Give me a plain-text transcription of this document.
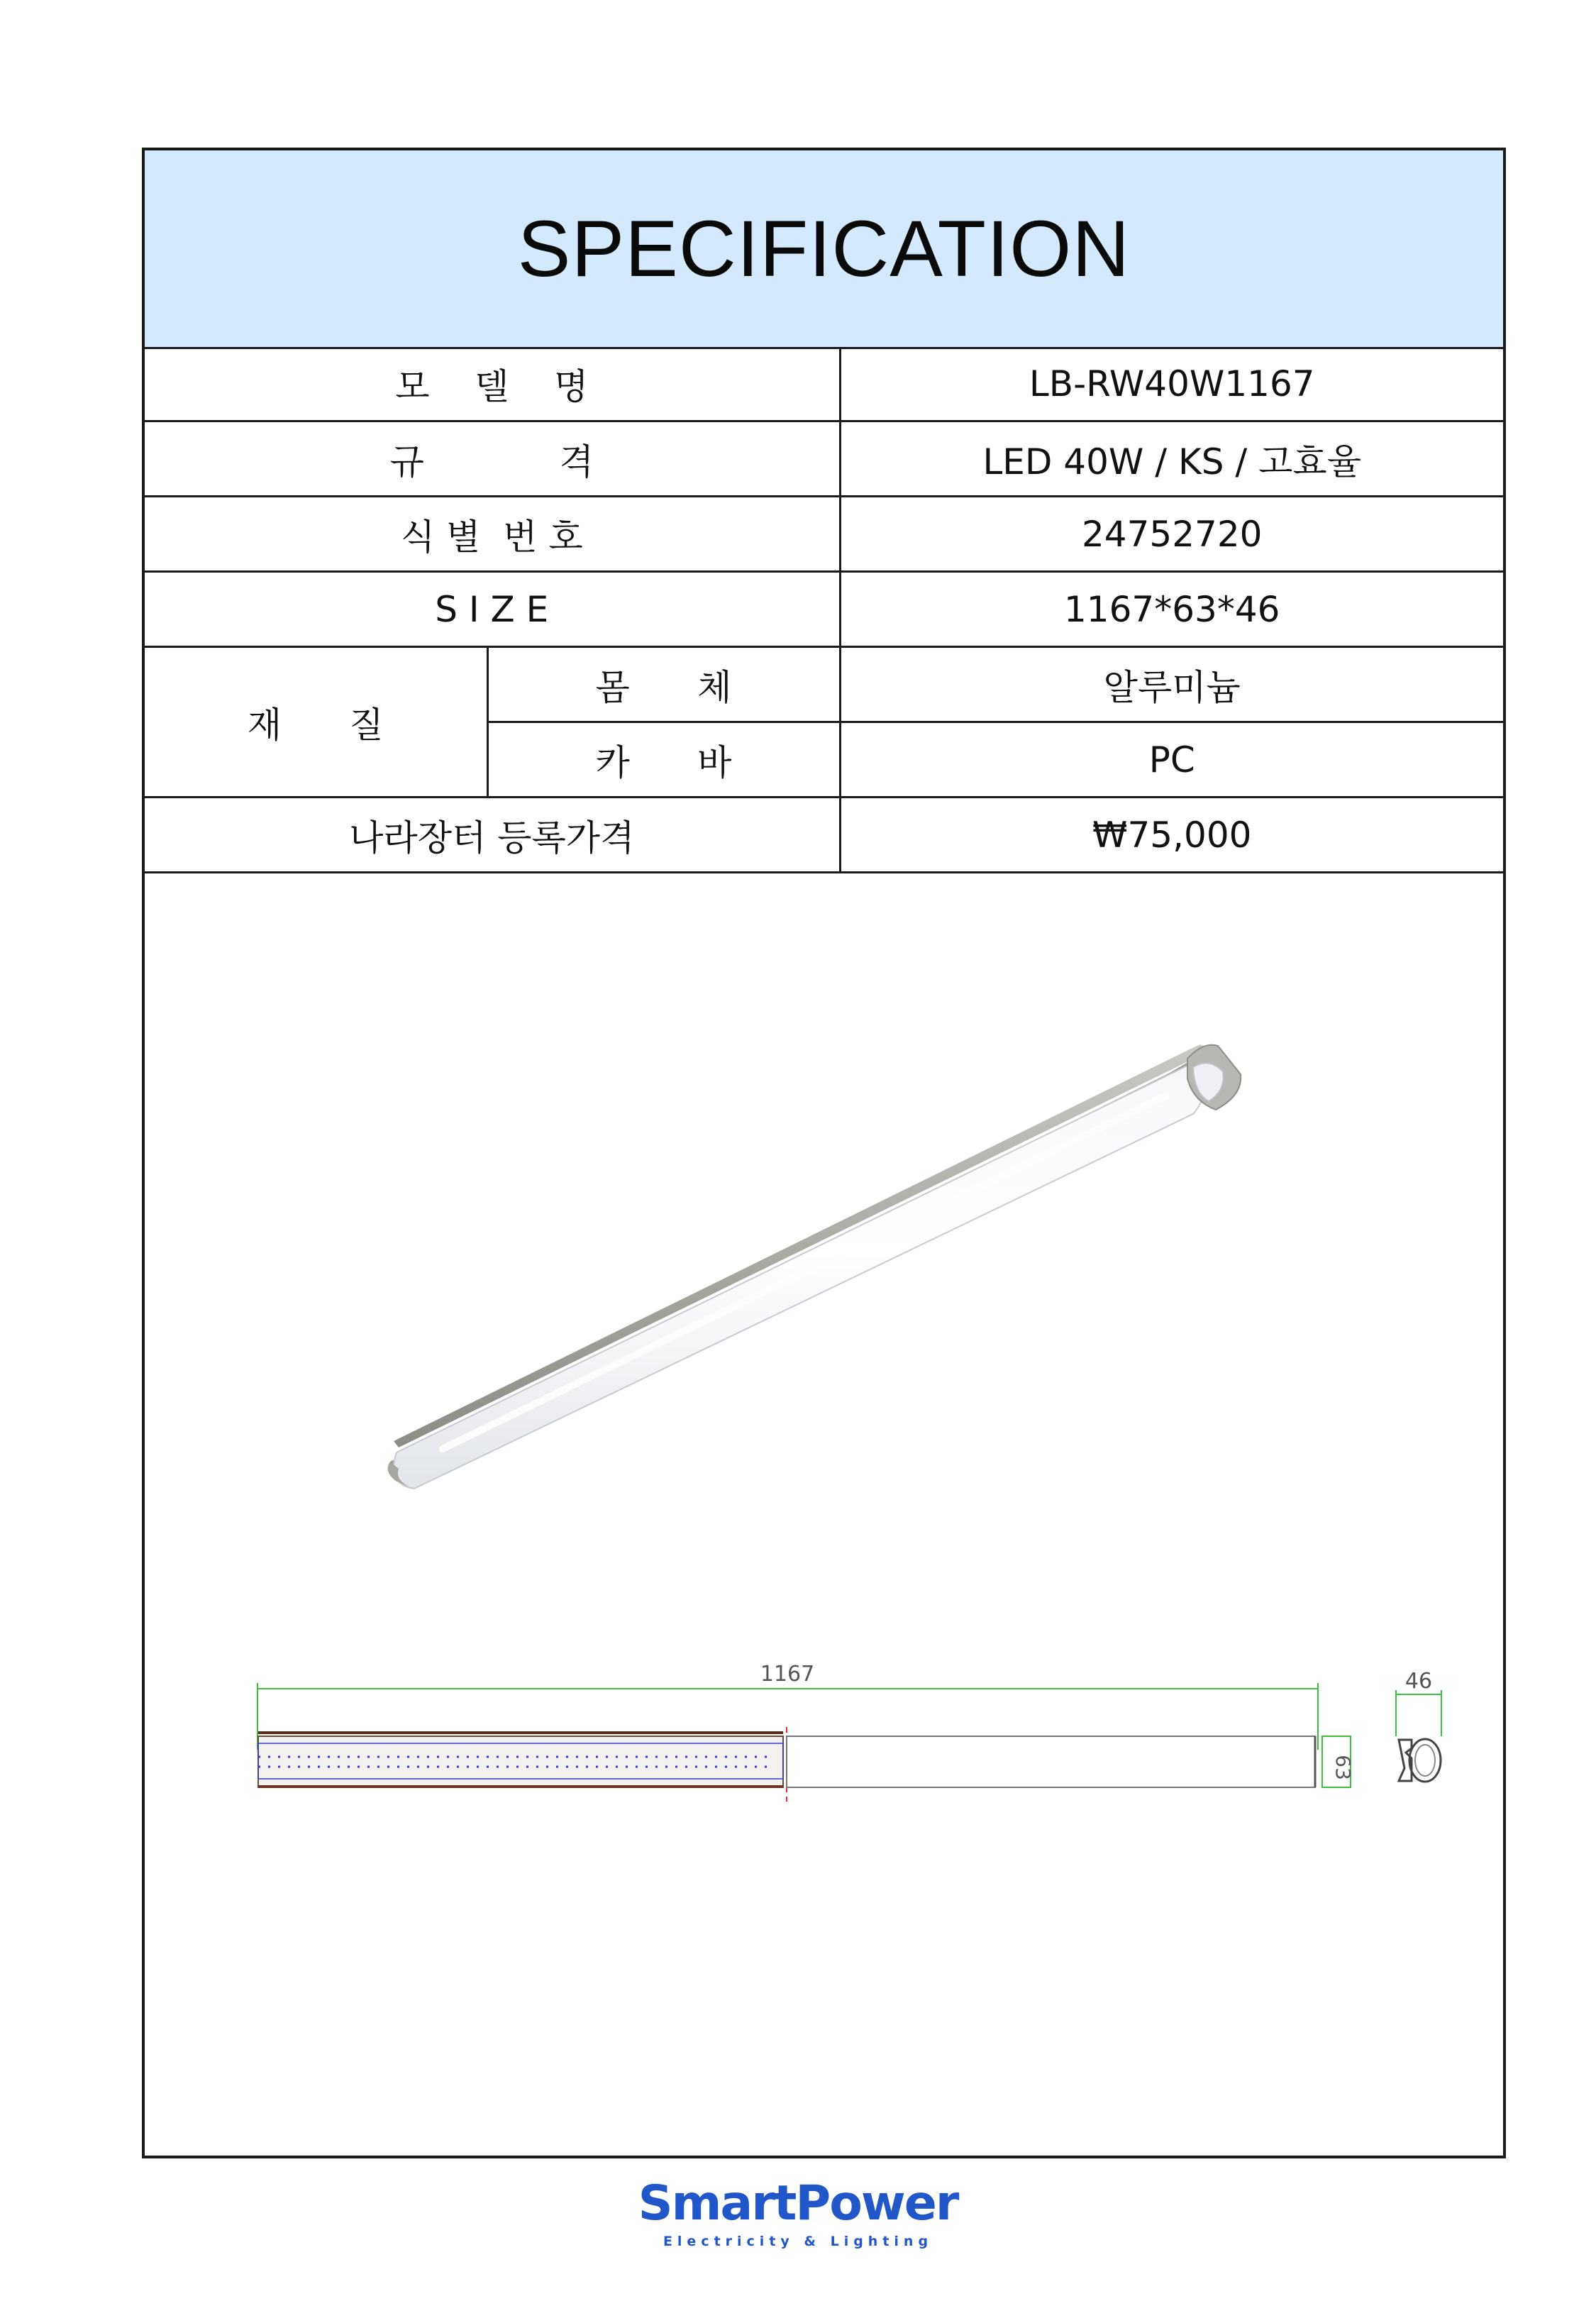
SPECIFICATION
모    델    명		LB-RW40W1167
규            격		LED 40W / KS / 고효율
식 별  번 호		24752720
S I Z E		1167*63*46
재      질	몸      체	알루미늄
	카      바	PC
나라장터 등록가격		₩75,000
1167
63
46
SmartPower
Electricity & Lighting
